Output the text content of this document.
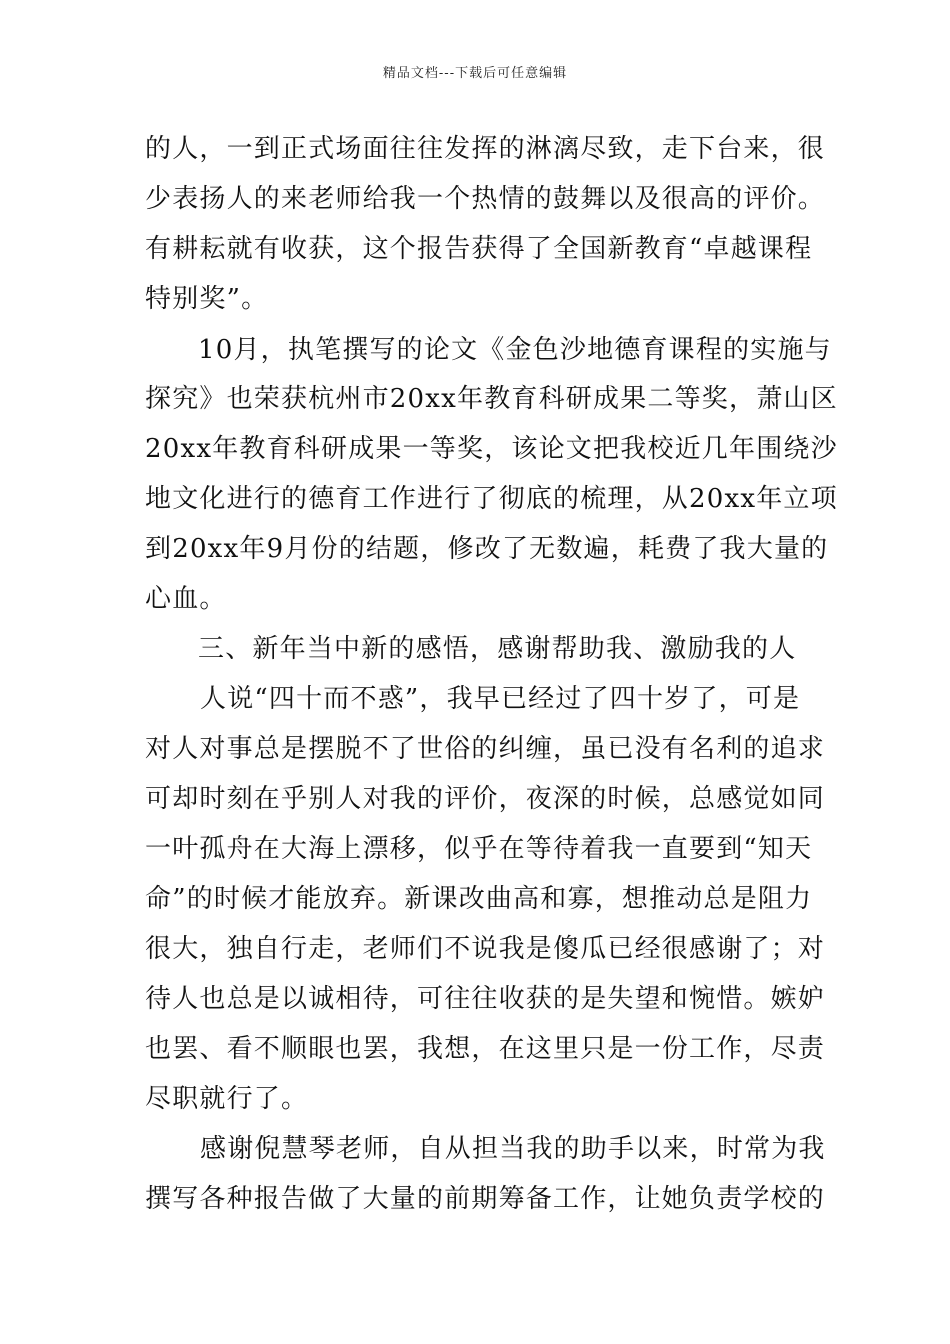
精品文档---下载后可任意编辑
的人，一到正式场面往往发挥的淋漓尽致，走下台来，很
少表扬人的来老师给我一个热情的鼓舞以及很高的评价。
有耕耘就有收获，这个报告获得了全国新教育“卓越课程
特别奖”。
10月，执笔撰写的论文《金色沙地德育课程的实施与
探究》也荣获杭州市20xx年教育科研成果二等奖，萧山区
20xx年教育科研成果一等奖，该论文把我校近几年围绕沙
地文化进行的德育工作进行了彻底的梳理，从20xx年立项
到20xx年9月份的结题，修改了无数遍，耗费了我大量的
心血。
三、新年当中新的感悟，感谢帮助我、激励我的人
人说“四十而不惑”，我早已经过了四十岁了，可是
对人对事总是摆脱不了世俗的纠缠，虽已没有名利的追求
可却时刻在乎别人对我的评价，夜深的时候，总感觉如同
一叶孤舟在大海上漂移，似乎在等待着我一直要到“知天
命”的时候才能放弃。新课改曲高和寡，想推动总是阻力
很大，独自行走，老师们不说我是傻瓜已经很感谢了；对
待人也总是以诚相待，可往往收获的是失望和惋惜。嫉妒
也罢、看不顺眼也罢，我想，在这里只是一份工作，尽责
尽职就行了。
感谢倪慧琴老师，自从担当我的助手以来，时常为我
撰写各种报告做了大量的前期筹备工作，让她负责学校的
